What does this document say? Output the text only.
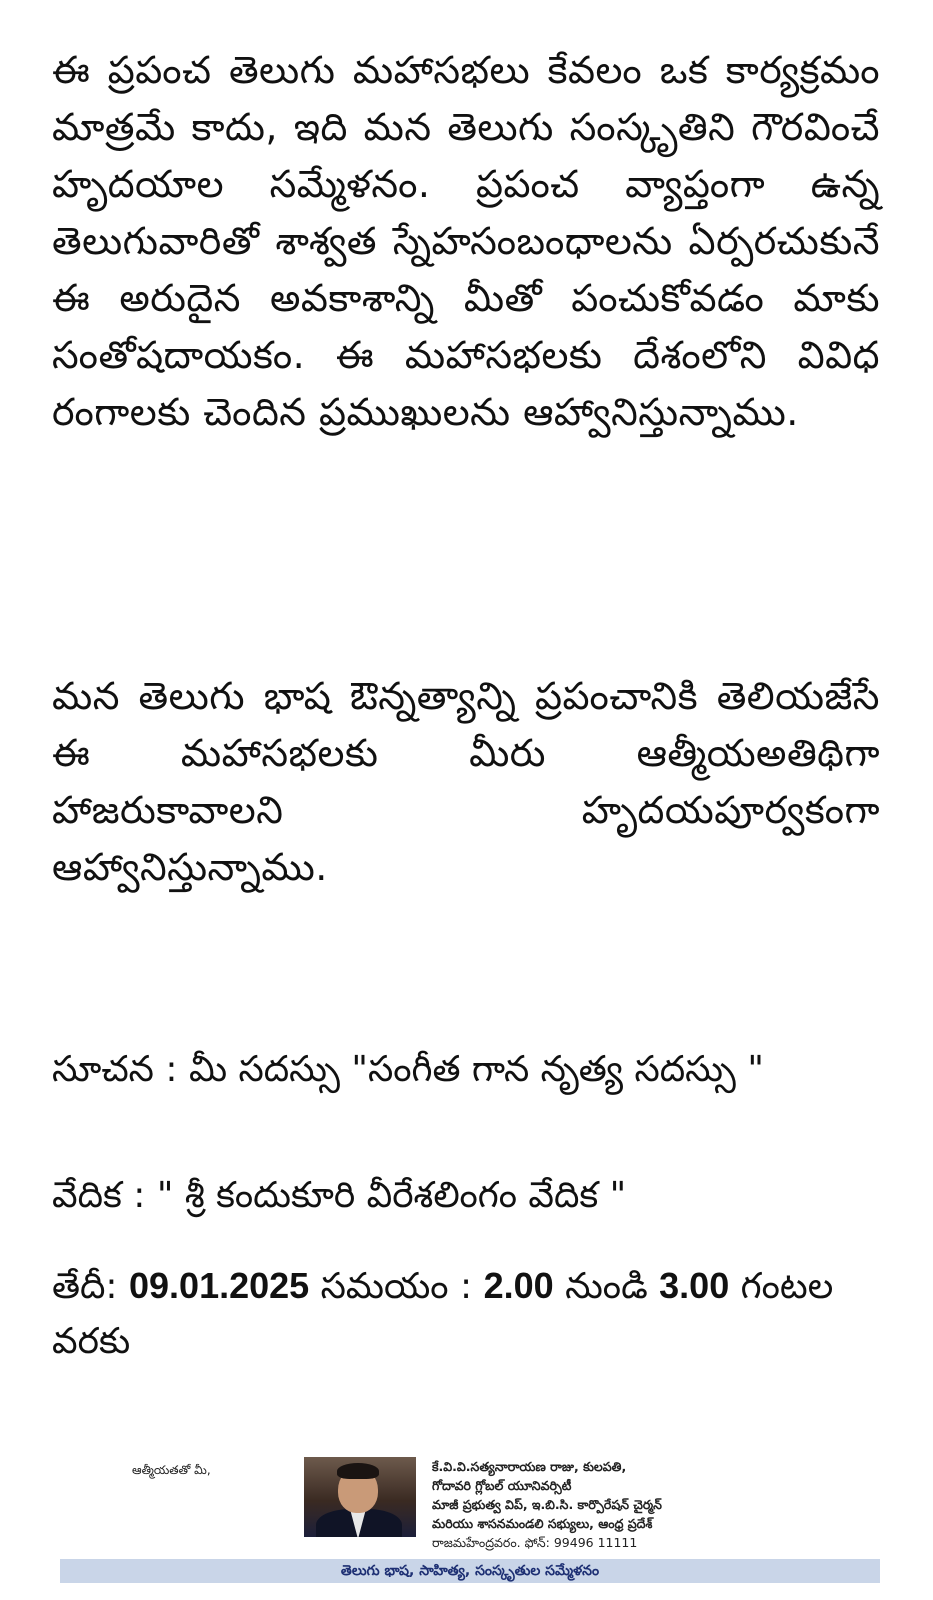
ఈ ప్రపంచ తెలుగు మహాసభలు కేవలం ఒక కార్యక్రమం మాత్రమే కాదు, ఇది మన తెలుగు సంస్కృతిని గౌరవించే హృదయాల సమ్మేళనం. ప్రపంచ వ్యాప్తంగా ఉన్న తెలుగువారితో శాశ్వత స్నేహసంబంధాలను ఏర్పరచుకునే ఈ అరుదైన అవకాశాన్ని మీతో పంచుకోవడం మాకు సంతోషదాయకం. ఈ మహాసభలకు దేశంలోని వివిధ రంగాలకు చెందిన ప్రముఖులను ఆహ్వానిస్తున్నాము.

మన తెలుగు భాష ఔన్నత్యాన్ని ప్రపంచానికి తెలియజేసే ఈ మహాసభలకు మీరు ఆత్మీయఅతిథిగా హాజరుకావాలని హృదయపూర్వకంగా ఆహ్వానిస్తున్నాము.

సూచన : మీ సదస్సు "సంగీత గాన నృత్య సదస్సు "

వేదిక : " శ్రీ కందుకూరి వీరేశలింగం వేదిక "

తేదీ: 09.01.2025 సమయం : 2.00 నుండి 3.00 గంటల వరకు

ఆత్మీయతతో మీ,	కే.వి.వి.సత్యనారాయణ రాజు, కులపతి,
గోదావరి గ్లోబల్ యూనివర్సిటీ
మాజీ ప్రభుత్వ విప్, ఇ.బి.సి. కార్పొరేషన్ చైర్మన్
మరియు శాసనమండలి సభ్యులు, ఆంధ్ర ప్రదేశ్
రాజమహేంద్రవరం. ఫోన్: 99496 11111
తెలుగు భాష, సాహిత్య, సంస్కృతుల సమ్మేళనం
